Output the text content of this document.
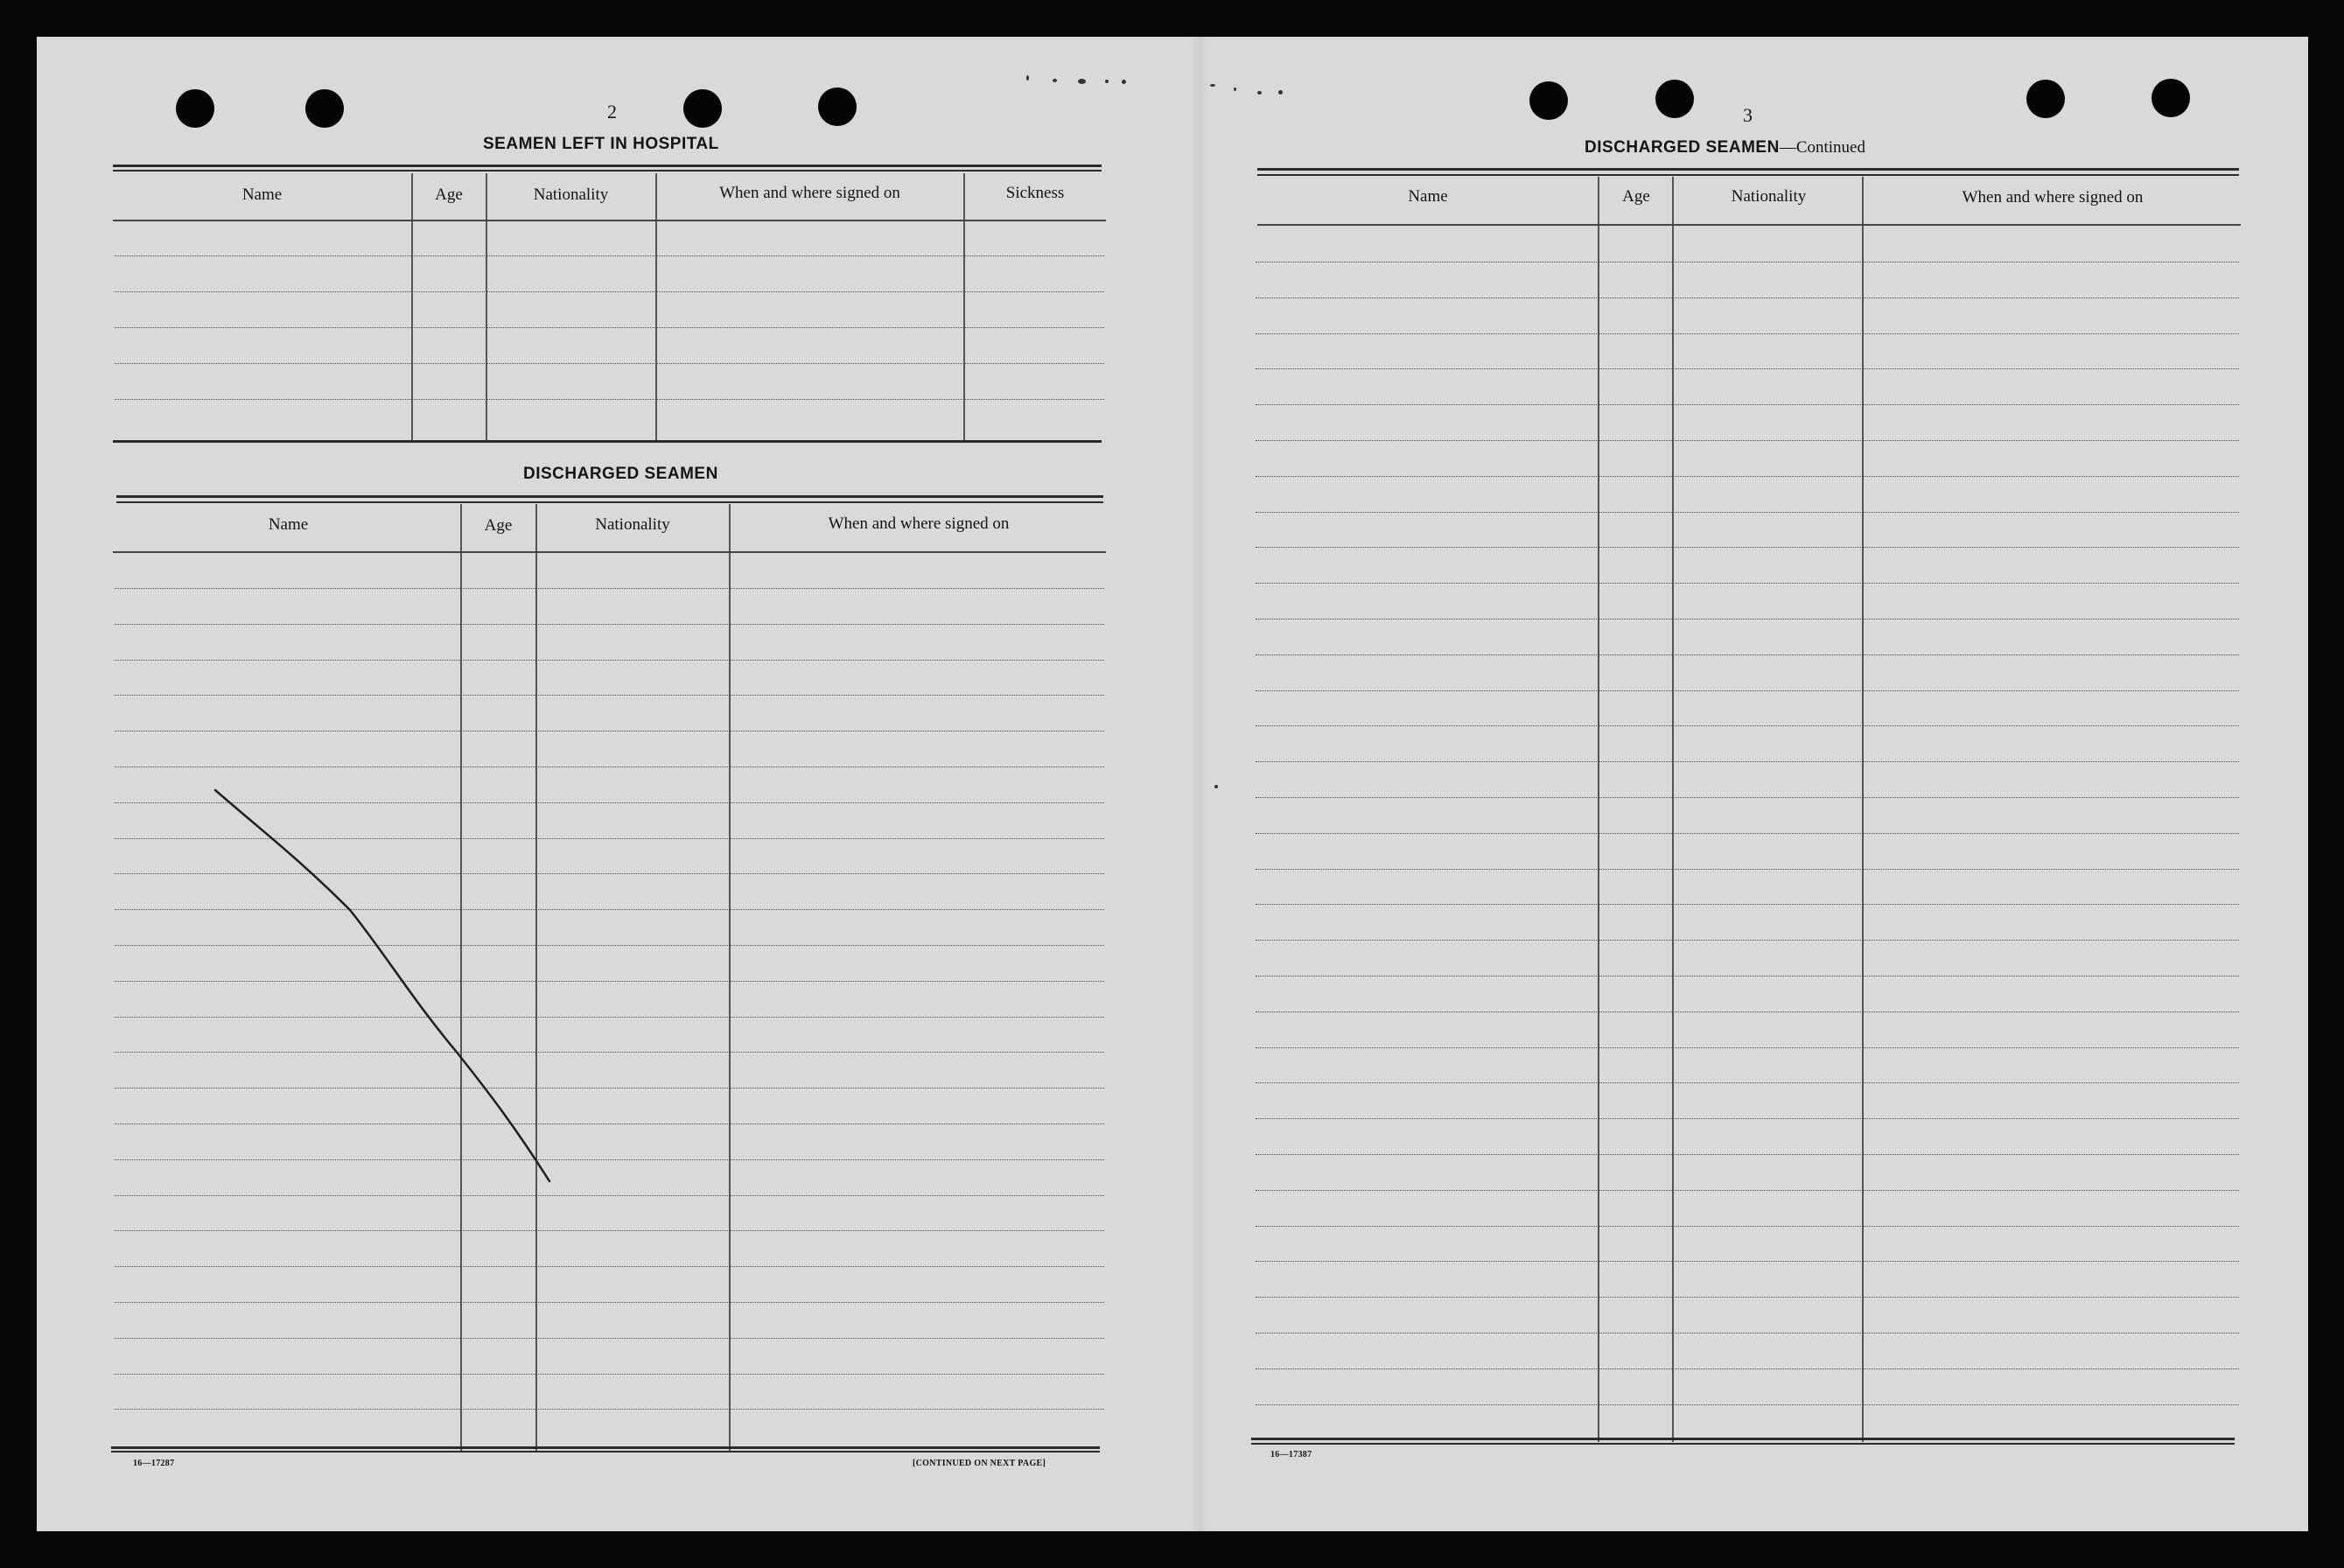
2
SEAMEN LEFT IN HOSPITAL
Name	Age	Nationality	When and where signed on	Sickness
DISCHARGED SEAMEN
Name	Age	Nationality	When and where signed on
16—17287	[CONTINUED ON NEXT PAGE]
3
DISCHARGED SEAMEN—Continued
Name	Age	Nationality	When and where signed on
16—17387
